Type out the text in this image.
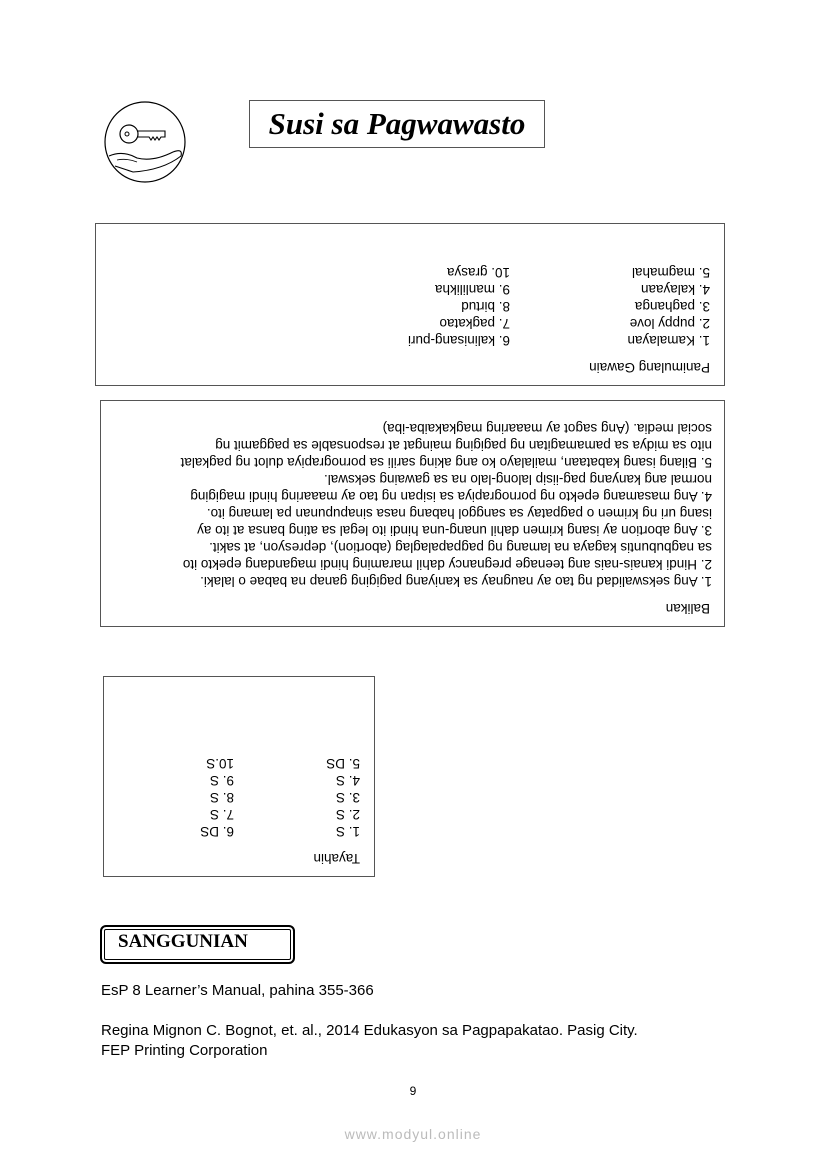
Susi sa Pagwawasto
Panimulang Gawain
1. Kamalayan
2. puppy love
3. paghanga
4. kalayaan
5. magmahal
6. kalinisang-puri
7. pagkatao
8. birtud
9. manlilikha
10. grasya
Balikan
1. Ang sekswalidad ng tao ay naugnay sa kaniyang pagiging ganap na babae o lalaki.
2. Hindi kanais-nais ang teenage pregnancy dahil maraming hindi magandang epekto ito
sa nagbubuntis kagaya na lamang ng pagpapalaglag (abortion), depresyon, at sakit.
3. Ang abortion ay isang krimen dahil unang-una hindi ito legal sa ating bansa at ito ay
isang uri ng krimen o pagpatay sa sanggol habang nasa sinapupunan pa lamang ito.
4. Ang masamang epekto ng pornograpiya sa isipan ng tao ay maaaring hindi magiging
normal ang kanyang pag-iisip lalong-lalo na sa gawaing sekswal.
5. Bilang isang kabataan, mailalayo ko ang aking sarili sa pornograpiya dulot ng pagkalat
nito sa midya sa pamamagitan ng pagiging maingat at responsable sa paggamit ng
social media. (Ang sagot ay maaaring magkakaiba-iba)
Tayahin
1. S
2. S
3. S
4. S
5. DS
6. DS
7. S
8. S
9. S
10.S
SANGGUNIAN
EsP 8 Learner’s Manual, pahina 355-366
Regina Mignon C. Bognot, et. al., 2014 Edukasyon sa Pagpapakatao. Pasig City.
FEP Printing Corporation
9
www.modyul.online
